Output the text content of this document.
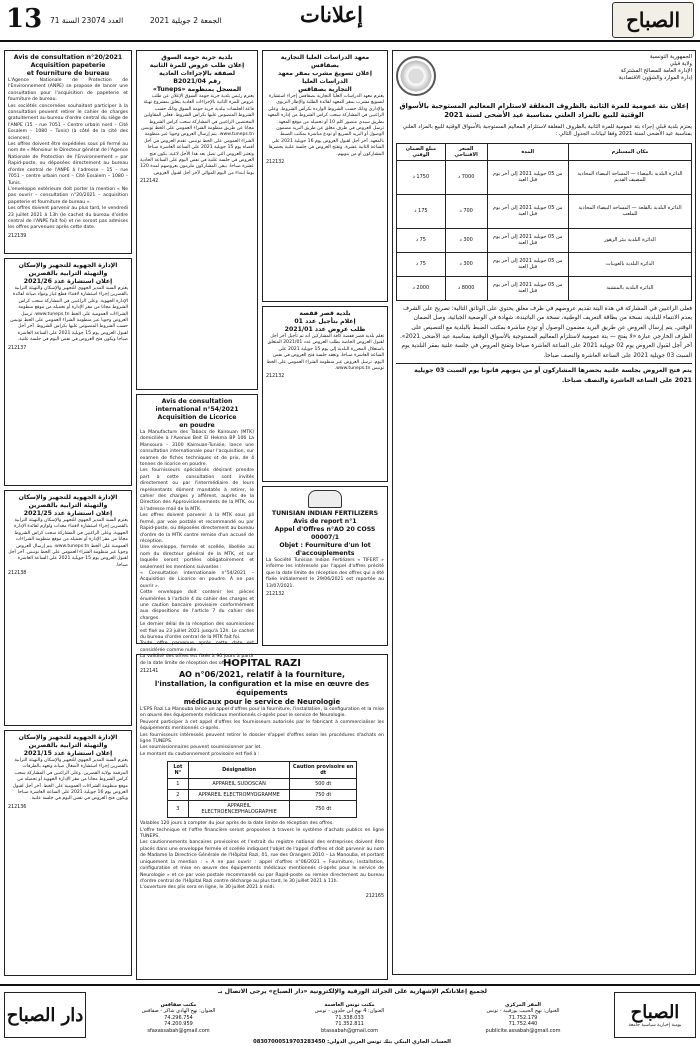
13 العدد 23074 السنة 71	الجمعة 2 جويلية 2021	إعلانات	الصباح
Avis de consultation n°20/2021
Acquisition papeterie
et fourniture de bureau

L'Agence Nationale de Protection de l'Environnement (ANPE) se propose de lancer une consultation pour l'acquisition de papeterie et fourniture de bureau.

Les sociétés concernées souhaitant participer à la consultation peuvent retirer le cahier de charges gratuitement au bureau d'ordre central du siège de l'ANPE (15 – rue 7051 – Centre urbain nord – Cité Essalem – 1080 – Tunis) (à côté de la cité des sciences).

Les offres doivent être expédiées sous pli fermé au nom de « Monsieur le Directeur général de l'Agence Nationale de Protection de l'Environnement » par Rapid-poste, ou déposées directement au bureau d'ordre central de l'ANPE à l'adresse – 15 – rue 7051 – centre urbain nord – Cité Essalem – 1080 – Tunis.

L'enveloppe extérieure doit porter la mention « Ne pas ouvrir – consultation n°20/2021 – acquisition papeterie et fourniture de bureau ».

Les offres doivent parvenir au plus tard, le vendredi 23 juillet 2021 à 13h (le cachet du bureau d'ordre central de l'ANPE fait foi) et ne seront pas admises les offres parvenues après cette date.

212139
الإدارة الجهوية للتجهيز والإسكان
والتهيئة الترابية بالقصرين
إعلان استشارة عدد 2021/26

يعتزم السيد المدير الجهوي للتجهيز والإسكان والتهيئة الترابية بالقصرين إجراء استشارة لاقتناء قطع غيار ومواد صيانة لفائدة الإدارة الجهوية. وعلى الراغبين في المشاركة سحب كراس الشروط مجانا من مقر الإدارة أو تحميله من موقع منظومة الشراءات العمومية على الخط www.tuneps.tn. ترسل العروض وجوبا عبر منظومة الشراء العمومي على الخط تونبس حسب الشروط المنصوص عليها بكراس الشروط. آخر أجل لقبول العروض يوم 15 جويلية 2021 على الساعة العاشرة صباحا ويكون فتح العروض في نفس اليوم في جلسة علنية.

212137
الإدارة الجهوية للتجهيز والإسكان
والتهيئة الترابية بالقصرين
إعلان استشارة عدد 2021/25

يعتزم السيد المدير الجهوي للتجهيز والإسكان والتهيئة الترابية بالقصرين إجراء استشارة لاقتناء معدات ولوازم لفائدة الإدارة الجهوية. وعلى الراغبين في المشاركة سحب كراس الشروط مجانا من مقر الإدارة أو تحميله من موقع منظومة الشراءات العمومية على الخط www.tuneps.tn. يتم إرسال العروض وجوبا عبر منظومة الشراء العمومي على الخط تونبس. آخر أجل لقبول العروض يوم 15 جويلية 2021 على الساعة العاشرة صباحا.

212138
الإدارة الجهوية للتجهيز والإسكان
والتهيئة الترابية بالقصرين
إعلان استشارة عدد 2021/15

يعتزم السيد المدير الجهوي للتجهيز والإسكان والتهيئة الترابية بالقصرين إجراء استشارة لأشغال صيانة وتعهد بالطرقات المرقمة بولاية القصرين. وعلى الراغبين في المشاركة سحب كراس الشروط مجانا من مقر الإدارة الجهوية أو تحميله من موقع منظومة الشراءات العمومية على الخط. آخر أجل لقبول العروض يوم 16 جويلية 2021 على الساعة العاشرة صباحا ويكون فتح العروض في نفس اليوم في جلسة علنية.

212136
بلدية جربة حومة السوق
إعلان طلب عروض للمرة الثانية
لصفقة بالإجراءات العادية
رقم B2021/04
المسجل بمنظومة «Tuneps»

يعتزم رئيس بلدية جربة حومة السوق الإعلان عن طلب عروض للمرة الثانية بالإجراءات العادية يتعلق بمشروع تهيئة قاعة الجلسات ببلدية جربة حومة السوق وذلك حسب الشروط المنصوص عليها بكراس الشروط. فعلى المقاولين المختصين الراغبين في المشاركة سحب كراس الشروط مجانا عن طريق منظومة الشراء العمومي على الخط تونبس www.tuneps.tn. يتم إرسال العروض وجوبا عبر منظومة الشراء العمومي على الخط تونبس. تقدم العروض في أجل أقصاه يوم 15 جويلية 2021 على الساعة العاشرة صباحا وتعتبر العروض التي تصل بعد هذا الأجل لاغية. يكون فتح العروض في جلسة علنية في نفس اليوم على الساعة الحادية عشرة صباحا. يبقى المشاركون ملزمون بعروضهم لمدة 120 يوما ابتداء من اليوم الموالي لآخر أجل لقبول العروض.

212142
Avis de consultation
international n°54/2021
Acquisition de Licorice
en poudre

La Manufacture des Tabacs de Kairouan (MTK) domiciliée à l'Avenue Beit El Hekma BP 106 La Mansoura – 3100 Kairouan-Tunisie, lance une consultation internationale pour l'acquisition, sur examen de fiches techniques et de prix, de 4 tonnes de licorice en poudre.

Les fournisseurs spécialisés désirant prendre part à cette consultation sont invités directement ou par l'intermédiaire de leurs représentants dûment mandatés à retirer, le cahier des charges y afférent, auprès de la Direction des Approvisionnements de la MTK, ou à l'adresse mail de la MTK.

Les offres doivent parvenir à la MTK sous pli fermé, par voie postale et recommandé ou par Rapid-poste, ou déposées directement au bureau d'ordre de la MTK contre remise d'un accusé de réception.

Une enveloppe, fermée et scellée, libellée au nom du directeur général de la MTK, et sur laquelle seront portées obligatoirement et seulement les mentions suivantes :

« Consultation internationale n°54/2021 – Acquisition de Licorice en poudre. À ne pas ouvrir ».

Cette enveloppe doit contenir les pièces énumérées à l'article 4 du cahier des charges et une caution bancaire provisoire conformément aux dispositions de l'article 7 du cahier des charges.

Le dernier délai de la réception des soumissions est fixé au 23 juillet 2021 jusqu'à 12h. Le cachet du bureau d'ordre central de la MTK fait foi.

Toute offre parvenue après cette date est considérée comme nulle.

La validité des offres est fixée à 90 jours à partir de la date limite de réception des offres.

212141
معهد الدراسات العليا التجارية بصفاقس
إعلان تسويغ مشرب بمقر معهد الدراسات العليا
التجارية بصفاقس

يعتزم معهد الدراسات العليا التجارية بصفاقس إجراء استشارة لتسويغ مشرب بمقر المعهد لفائدة الطلبة والإطار التربوي والإداري وذلك حسب الشروط الواردة بكراس الشروط. وعلى الراغبين في المشاركة سحب كراس الشروط من إدارة المعهد بطريق سيدي منصور كلم 10 أو تحميله من موقع المعهد. ترسل العروض في ظرف مغلق عن طريق البريد مضمون الوصول أو البريد السريع أو تودع مباشرة بمكتب الضبط بالمعهد. آخر أجل لقبول العروض يوم 16 جويلية 2021 على الساعة الثانية عشرة. وتفتح العروض في جلسة علنية يحضرها المشاركون أو من ينوبهم.

212132
بلدية قصر قفصة
إعلام بتأجيل عدد 01
طلب عروض عدد 2021/01

تعلم بلدية قصر قفصة كافة المشاركين أنه تم تأجيل آخر أجل لقبول العروض الخاصة بطلب العروض عدد 2021/01 المتعلق باستغلال المجزرة البلدية إلى يوم 15 جويلية 2021 على الساعة العاشرة صباحا، وتعقد جلسة فتح العروض في نفس اليوم. ترسل العروض عبر منظومة الشراء العمومي على الخط تونبس www.tuneps.tn.

212132
TUNISIAN INDIAN FERTILIZERS
Avis de report n°1
Appel d'Offres n°AO 20 COSS 00007/1
Objet : Fourniture d'un lot d'accouplements

La Société Tunisian Indian Fertilizers « TIFERT » informe les intéressés par l'appel d'offres précité que la date limite de réception des offres qui a été fixée initialement le 29/06/2021 est reportée au 13/07/2021.

212132
الجمهورية التونسية
ولاية قبلي
الإدارة العامة للمصالح المشتركة
إدارة الموارد والشؤون الاقتصادية
إعلان بتة عمومية للمرة الثانية بالظروف المغلقة لاستلزام المعاليم المستوجبة بالأسواق الوقتية للبيع بالمزاد العلني بمناسبة عيد الأضحى لسنة 2021

يعتزم بلدية قبلي إجراء بتة عمومية للمرة الثانية بالظروف المغلقة لاستلزام المعاليم المستوجبة بالأسواق الوقتية للبيع بالمزاد العلني بمناسبة عيد الأضحى لسنة 2021 وفقا لبيانات الجدول التالي :

مكان المستلزم	المدة	السعر الافتتاحي	مبلغ الضمان الوقتي
الدائرة البلدية بالبيضاء — المساحة البيضاء المحاذية للمصيف القديم	من 05 جويلية 2021 إلى آخر يوم قبل العيد	7000 د	1750 د
الدائرة البلدية بالقلعة — المساحة البيضاء المحاذية للملعب	من 05 جويلية 2021 إلى آخر يوم قبل العيد	700 د	175 د
الدائرة البلدية ببئر الزهور	من 05 جويلية 2021 إلى آخر يوم قبل العيد	300 د	75 د
الدائرة البلدية بالعوينات	من 05 جويلية 2021 إلى آخر يوم قبل العيد	300 د	75 د
الدائرة البلدية بالمنشية	من 05 جويلية 2021 إلى آخر يوم قبل العيد	8000 د	2000 د

فعلى الراغبين في المشاركة في هذه البتة تقديم عروضهم في ظرف مغلق يحتوي على الوثائق التالية: تصريح على الشرف بعدم الانتماء للبلدية، نسخة من بطاقة التعريف الوطنية، نسخة من الباتيندة، شهادة في الوضعية الجبائية، وصل الضمان الوقتي. يتم إرسال العروض عن طريق البريد مضمون الوصول أو تودع مباشرة بمكتب الضبط بالبلدية مع التنصيص على الظرف الخارجي عبارة «لا يفتح — بتة عمومية لاستلزام المعاليم المستوجبة بالأسواق الوقتية بمناسبة عيد الأضحى 2021». آخر أجل لقبول العروض يوم 02 جويلية 2021 على الساعة العاشرة صباحا وتفتح العروض في جلسة علنية بمقر البلدية يوم السبت 03 جويلية 2021 على الساعة العاشرة والنصف صباحا.

يتم فتح العروض بجلسة علنية يحضرها المشاركون أو من ينوبهم قانونا يوم السبت 03 جويلية 2021 على الساعة العاشرة والنصف صباحا.

HOPITAL RAZI
AO n°06/2021, relatif à la fourniture,
l'installation, la configuration et la mise en œuvre des équipements
médicaux pour le service de Neurologie

L'EPS Razi La Manouba lance un appel d'offres pour la fourniture, l'installation, la configuration et la mise en œuvre des équipements médicaux mentionnés ci-après pour le service de Neurologie.

Peuvent participer à cet appel d'offres les fournisseurs autorisés par le fabricant à commercialiser les équipements mentionnés ci-après.

Les fournisseurs intéressés peuvent retirer le dossier d'appel d'offres selon les procédures d'achats en ligne TUNEPS.

Les soumissionnaires peuvent soumissionner par lot.

Le montant du cautionnement provisoire est fixé à :

Lot N°	Désignation	Caution provisoire en dt
1	APPAREIL SUDOSCAN	500 dt
2	APPAREIL ELECTROMYOGRAMME	750 dt
3	APPAREIL ELECTROENCEPHALOGRAPHIE	750 dt

Valables 120 jours à compter du jour après de la date limite de réception des offres.

L'offre technique et l'offre financière seront proposées à travers le système d'achats publics en ligne TUNEPS.

Les cautionnements bancaires provisoires et l'extrait du registre national des entreprises doivent être placés dans une enveloppe fermée et scellée indiquant l'objet de l'appel d'offres et doit parvenir au nom de Madame la Directrice Générale de l'Hôpital Razi, 01, rue des Orangers 2010 – La Manouba, et portant uniquement la mention : « A ne pas ouvrir : appel d'offres n°06/2021 « Fourniture, installation, configuration et mise en œuvre des équipements médicaux mentionnés ci-après pour le service de Neurologie » et ce par voie postale recommandé ou par Rapid-poste ou remise directement au bureau d'ordre central de l'Hôpital Razi contre décharge au plus tard, le 30 juillet 2021 à 11h.

L'ouverture des plis sera en ligne, le 30 juillet 2021 à midi.

212165
دار الصباح
لجميع إعلاناتكم الإشهارية على الجرائد الورقية والإلكترونية «دار الصباح» يرجى الاتصال بـ
مكتب صفاقس
العنوان: نهج الهادي شاكر - صفاقس
74.296.754
74.200.959
sfaxassabah@gmail.com
مكتب تونس العاصمة
العنوان: 4 نهج ابن خلدون - تونس
71.338.033
71.352.811
btassabah@gmail.com
المقر المركزي
العنوان: نهج الحبيب بورقيبة - تونس
71.752.179
71.752.440
publicite.assabah@gmail.com
الحساب الجاري البنكي بنك تونس العربي الدولي: 08307000519703283450
الصباح
يومية إخبارية سياسية جامعة
